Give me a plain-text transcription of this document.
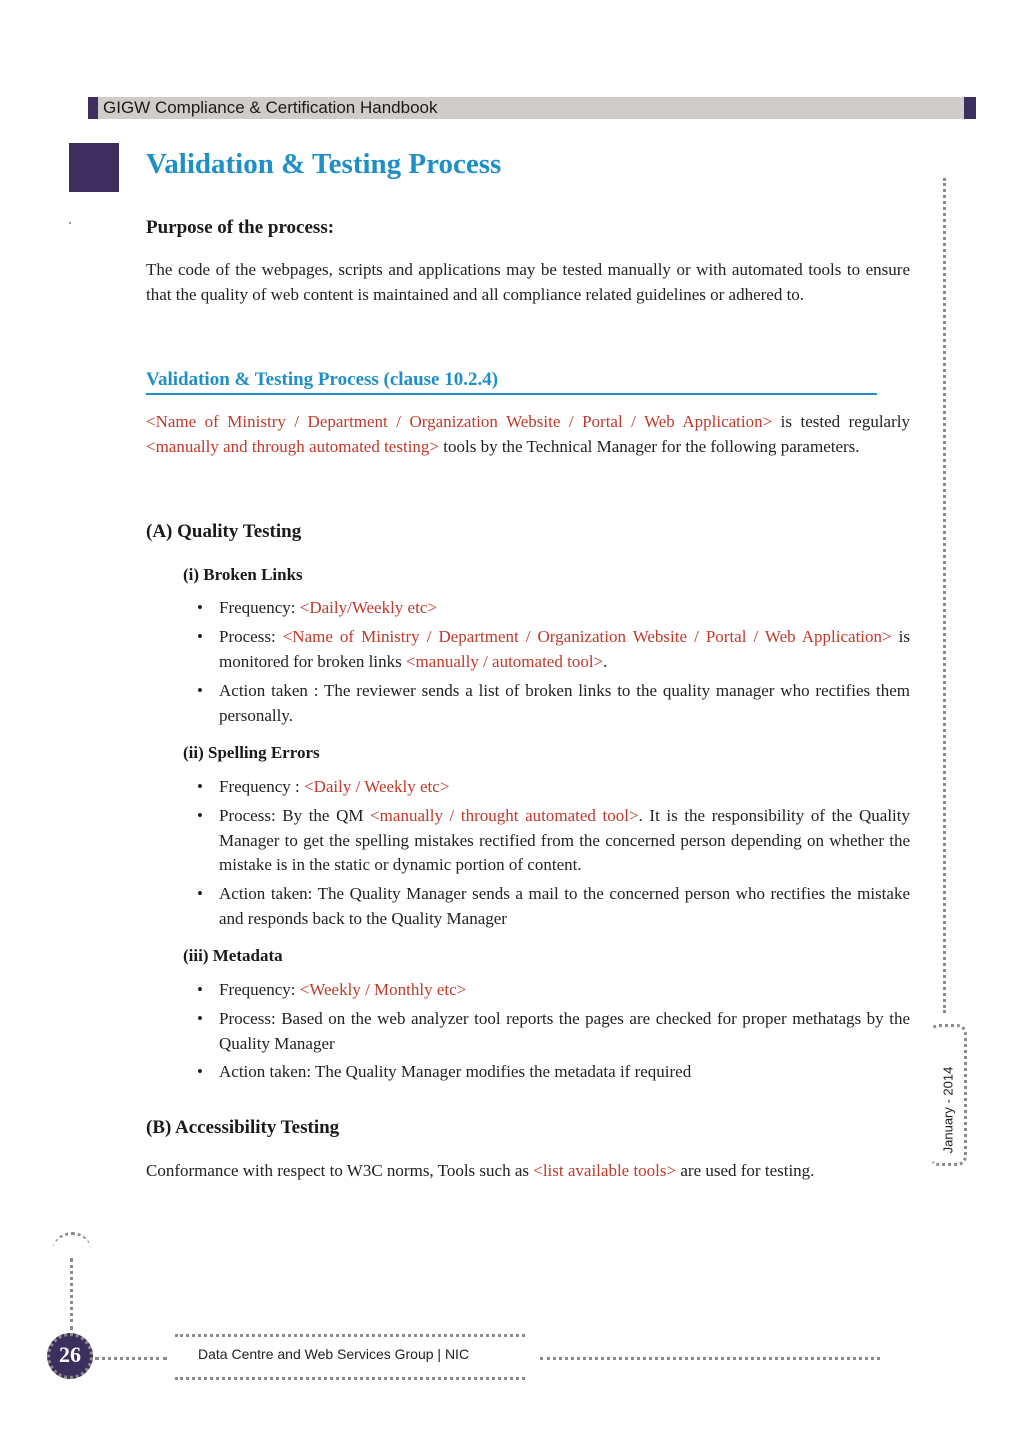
GIGW Compliance & Certification Handbook
Validation & Testing Process
January - 2014
Purpose of the process:

The code of the webpages, scripts and applications may be tested manually or with automated tools to ensure that the quality of web content is maintained and all compliance related guidelines or adhered to.

Validation & Testing Process (clause 10.2.4)

<Name of Ministry / Department / Organization Website / Portal / Web Application> is tested regularly <manually and through automated testing> tools by the Technical Manager for the following parameters.

(A) Quality Testing
(i) Broken Links

• Frequency: <Daily/Weekly etc>

• Process: <Name of Ministry / Department / Organization Website / Portal / Web Application> is monitored for broken links <manually / automated tool>.

• Action taken : The reviewer sends a list of broken links to the quality manager who rectifies them personally.

(ii) Spelling Errors

• Frequency : <Daily / Weekly etc>

• Process: By the QM <manually / throught automated tool>. It is the responsibility of the Quality Manager to get the spelling mistakes rectified from the concerned person depending on whether the mistake is in the static or dynamic portion of content.

• Action taken: The Quality Manager sends a mail to the concerned person who rectifies the mistake and responds back to the Quality Manager

(iii) Metadata

• Frequency: <Weekly / Monthly etc>

• Process: Based on the web analyzer tool reports the pages are checked for proper methatags by the Quality Manager

• Action taken: The Quality Manager modifies the metadata if required

(B) Accessibility Testing

Conformance with respect to W3C norms, Tools such as <list available tools> are used for testing.

26	Data Centre and Web Services Group | NIC
